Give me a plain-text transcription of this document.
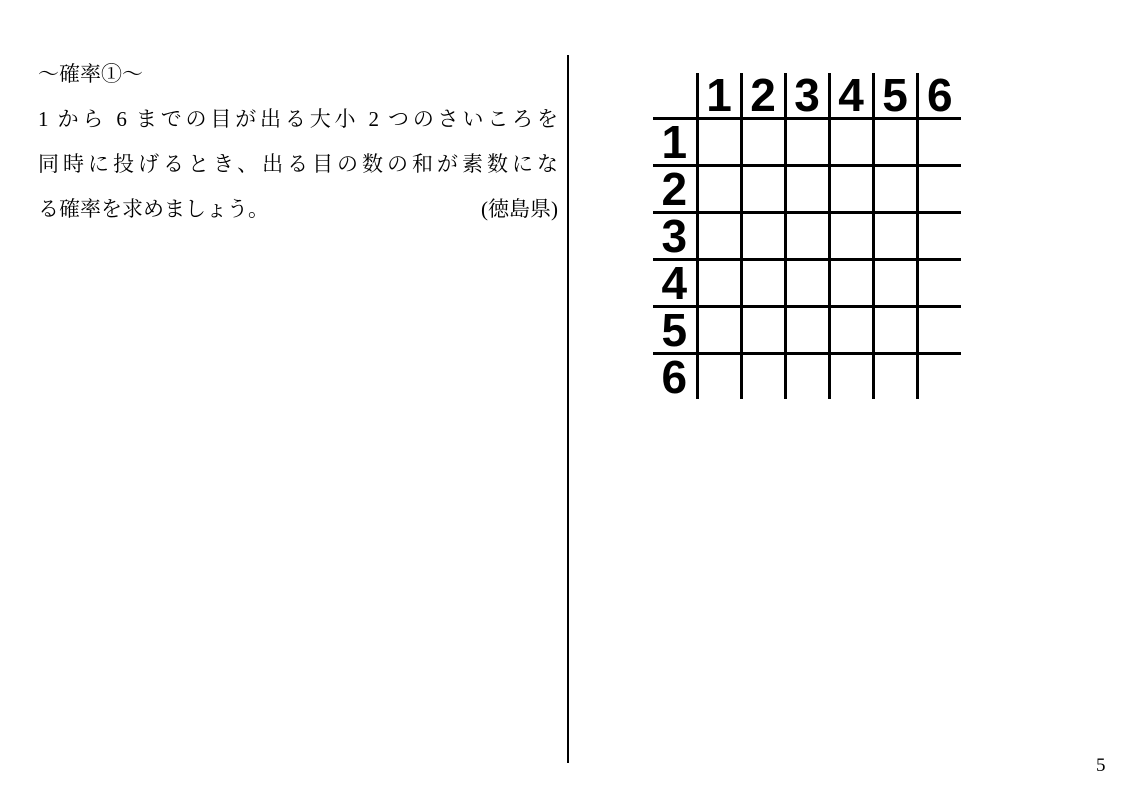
～確率①～
1 から 6 までの目が出る大小 2 つのさいころを
同時に投げるとき、出る目の数の和が素数にな
る確率を求めましょう。	(徳島県)
	1	2	3	4	5	6
1						
2						
3						
4						
5						
6						
5
